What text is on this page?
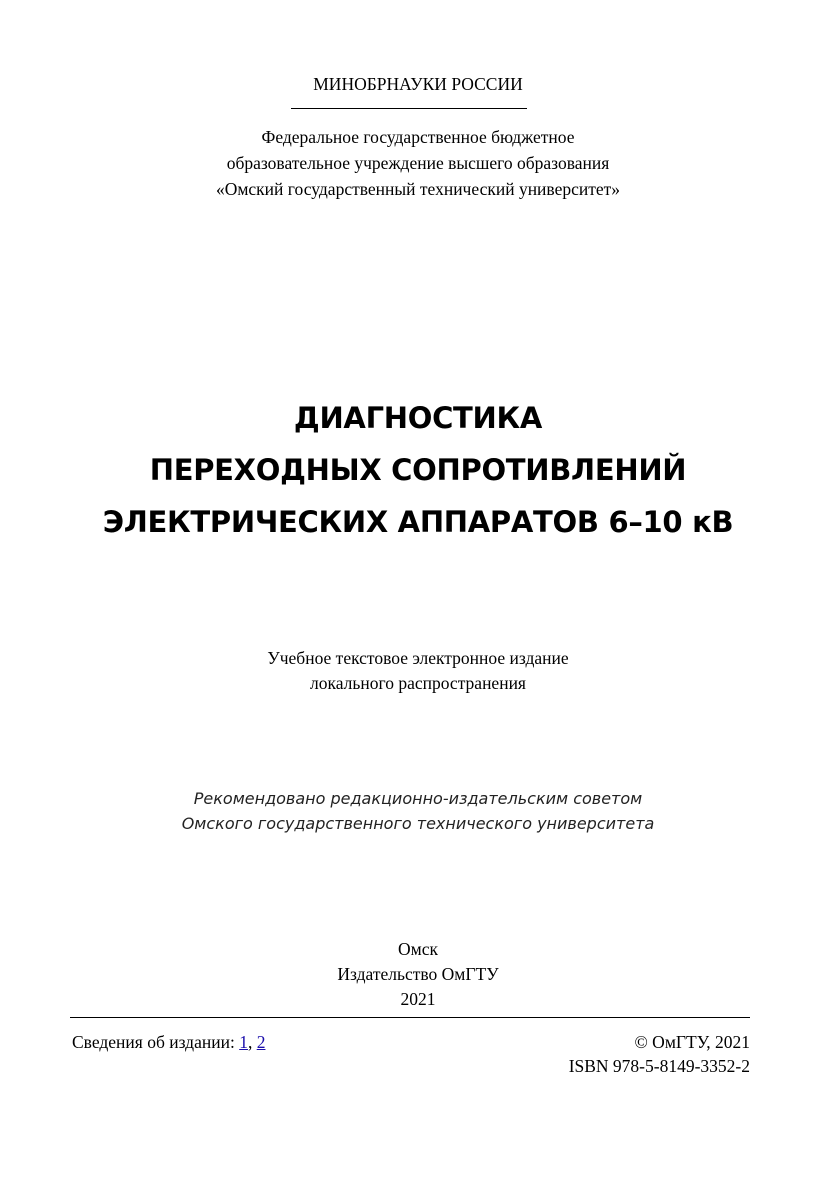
МИНОБРНАУКИ РОССИИ
Федеральное государственное бюджетное
образовательное учреждение высшего образования
«Омский государственный технический университет»
ДИАГНОСТИКА
ПЕРЕХОДНЫХ СОПРОТИВЛЕНИЙ
ЭЛЕКТРИЧЕСКИХ АППАРАТОВ 6–10 кВ
Учебное текстовое электронное издание
локального распространения
Рекомендовано редакционно-издательским советом
Омского государственного технического университета
Омск
Издательство ОмГТУ
2021
Сведения об издании: 1, 2	© ОмГТУ, 2021
ISBN 978-5-8149-3352-2
